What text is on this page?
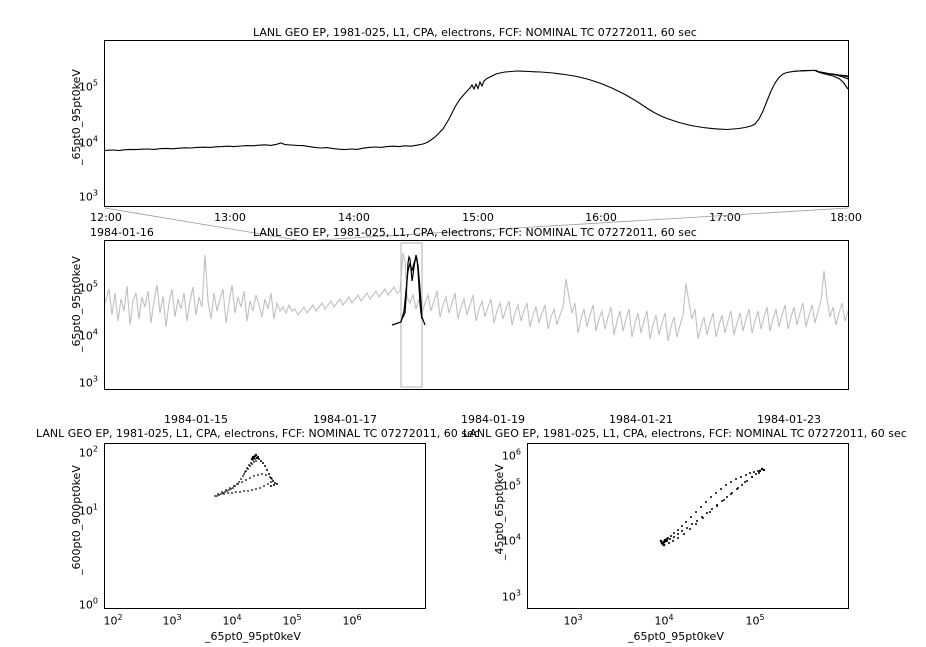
LANL GEO EP, 1981-025, L1, CPA, electrons, FCF: NOMINAL TC 07272011, 60 sec
_65pt0_95pt0keV
$10^3$
$10^4$
$10^5$
12:00	13:00	14:00	15:00	16:00	17:00	18:00
1984-01-16	LANL GEO EP, 1981-025, L1, CPA, electrons, FCF: NOMINAL TC 07272011, 60 sec
_65pt0_95pt0keV
$10^3$
$10^4$
$10^5$
1984-01-15	1984-01-17	1984-01-19	1984-01-21	1984-01-23
LANL GEO EP, 1981-025, L1, CPA, electrons, FCF: NOMINAL TC 07272011, 60 sec
_600pt0_900pt0keV
_65pt0_95pt0keV
$10^0$
$10^1$
$10^2$
$10^2$	$10^3$	$10^4$	$10^5$	$10^6$
LANL GEO EP, 1981-025, L1, CPA, electrons, FCF: NOMINAL TC 07272011, 60 sec
_45pt0_65pt0keV
_65pt0_95pt0keV
$10^3$
$10^4$
$10^5$
$10^6$
$10^3$	$10^4$	$10^5$
